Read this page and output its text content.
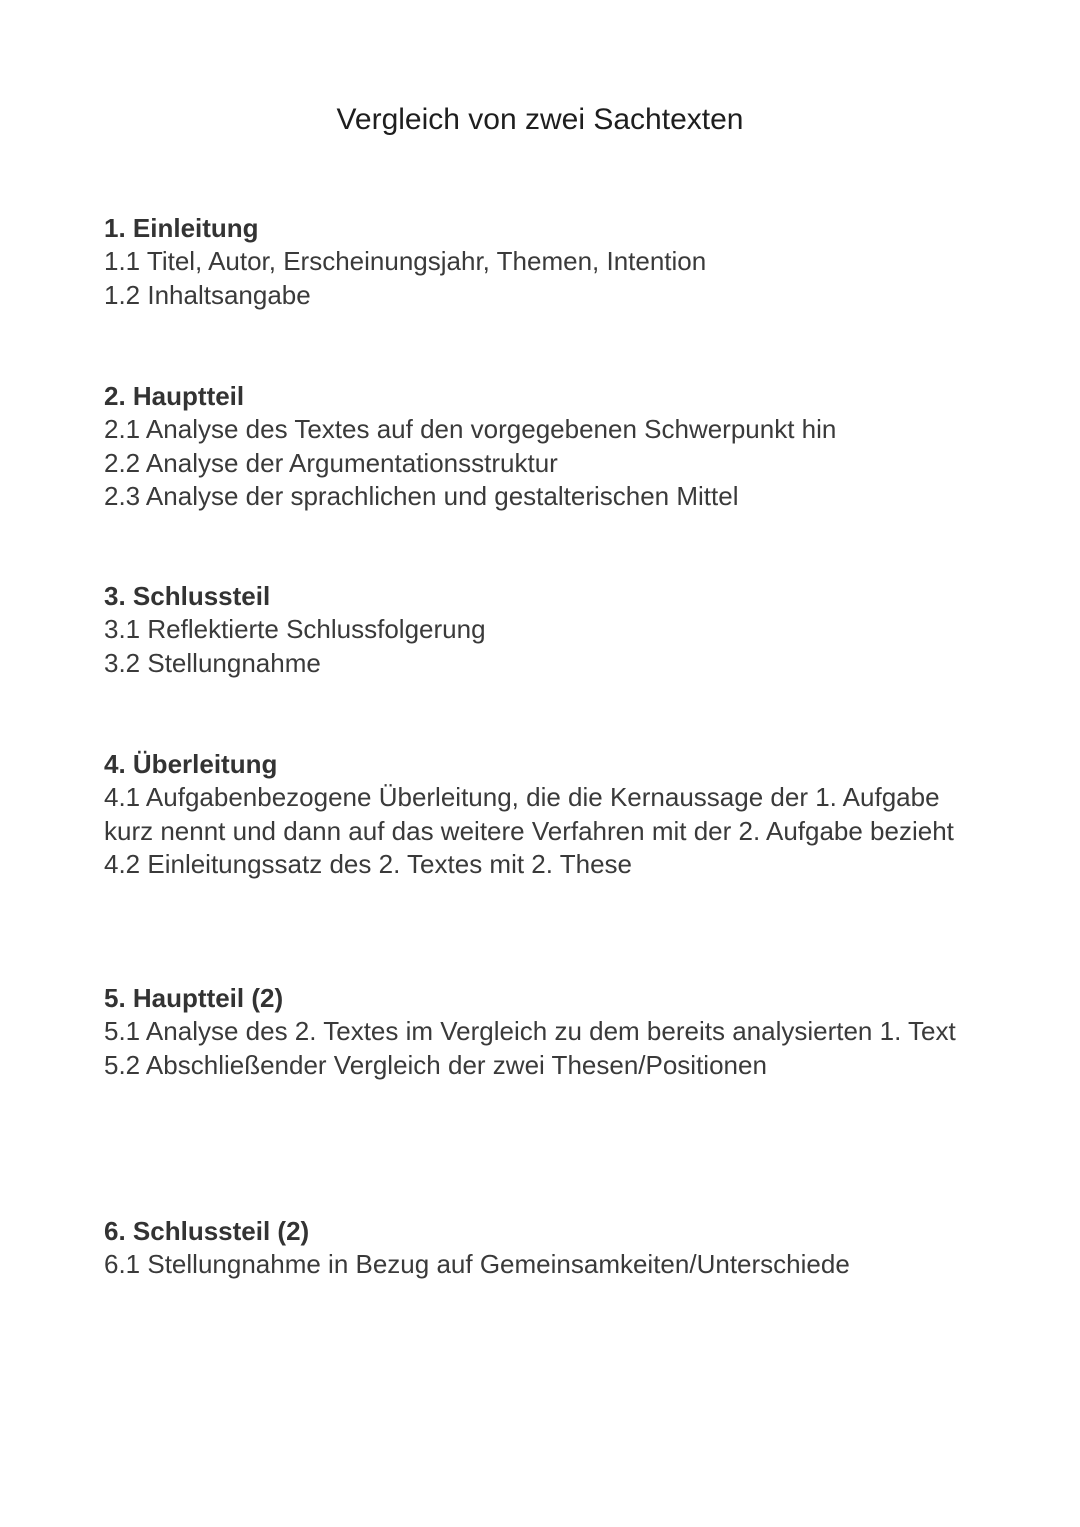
Vergleich von zwei Sachtexten
1. Einleitung

1.1 Titel, Autor, Erscheinungsjahr, Themen, Intention

1.2 Inhaltsangabe

2. Hauptteil

2.1 Analyse des Textes auf den vorgegebenen Schwerpunkt hin

2.2 Analyse der Argumentationsstruktur

2.3 Analyse der sprachlichen und gestalterischen Mittel

3. Schlussteil

3.1 Reflektierte Schlussfolgerung

3.2 Stellungnahme

4. Überleitung

4.1 Aufgabenbezogene Überleitung, die die Kernaussage der 1. Aufgabe kurz nennt und dann auf das weitere Verfahren mit der 2. Aufgabe bezieht

4.2 Einleitungssatz des 2. Textes mit 2. These

5. Hauptteil (2)

5.1 Analyse des 2. Textes im Vergleich zu dem bereits analysierten 1. Text

5.2 Abschließender Vergleich der zwei Thesen/Positionen

6. Schlussteil (2)

6.1 Stellungnahme in Bezug auf Gemeinsamkeiten/Unterschiede
